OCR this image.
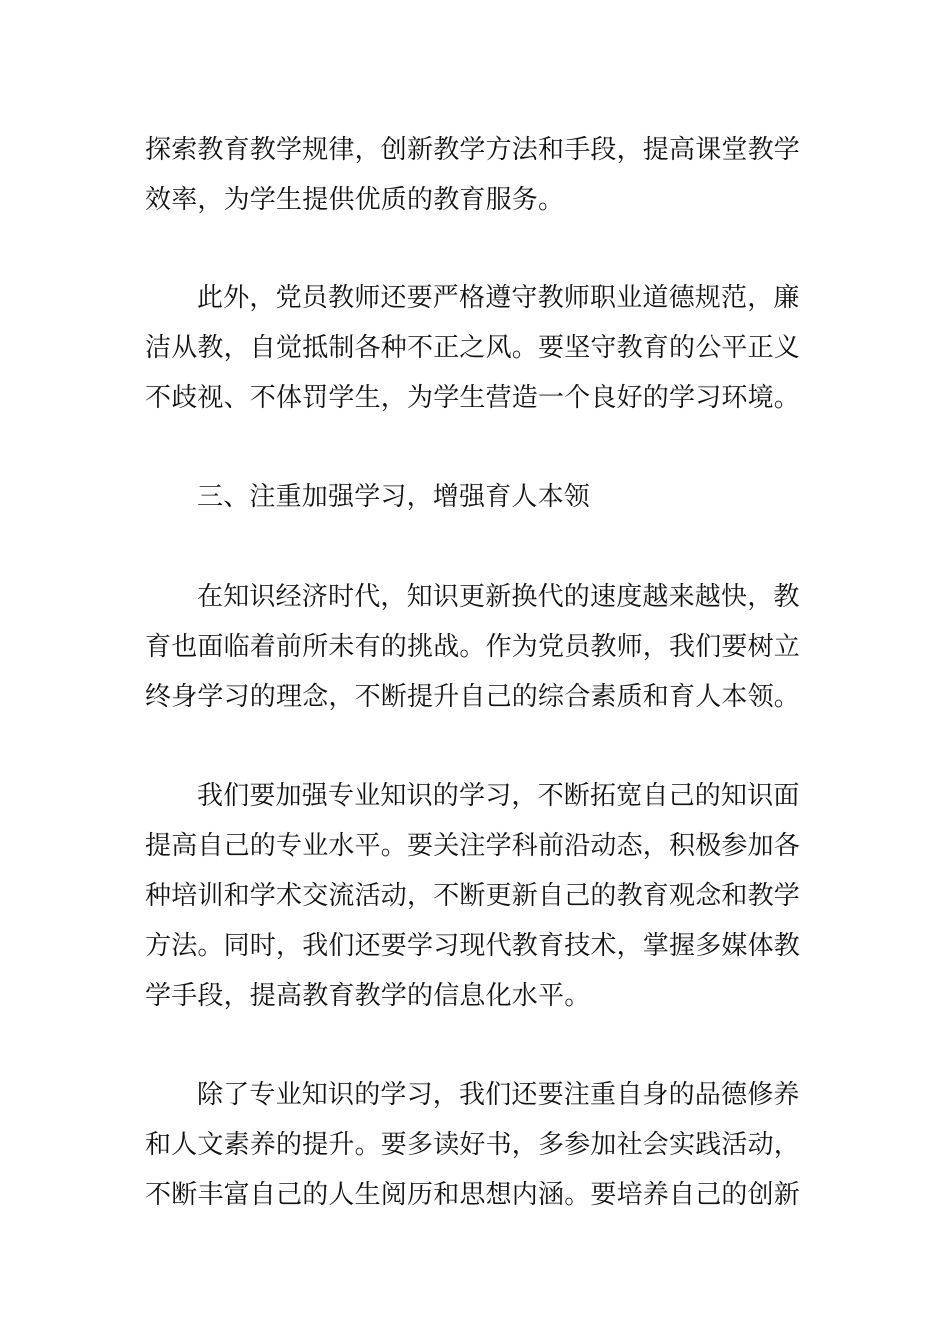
探索教育教学规律，创新教学方法和手段，提高课堂教学
效率，为学生提供优质的教育服务。
此外，党员教师还要严格遵守教师职业道德规范，廉
洁从教，自觉抵制各种不正之风。要坚守教育的公平正义
不歧视、不体罚学生，为学生营造一个良好的学习环境。
三、注重加强学习，增强育人本领
在知识经济时代，知识更新换代的速度越来越快，教
育也面临着前所未有的挑战。作为党员教师，我们要树立
终身学习的理念，不断提升自己的综合素质和育人本领。
我们要加强专业知识的学习，不断拓宽自己的知识面
提高自己的专业水平。要关注学科前沿动态，积极参加各
种培训和学术交流活动，不断更新自己的教育观念和教学
方法。同时，我们还要学习现代教育技术，掌握多媒体教
学手段，提高教育教学的信息化水平。
除了专业知识的学习，我们还要注重自身的品德修养
和人文素养的提升。要多读好书，多参加社会实践活动，
不断丰富自己的人生阅历和思想内涵。要培养自己的创新
